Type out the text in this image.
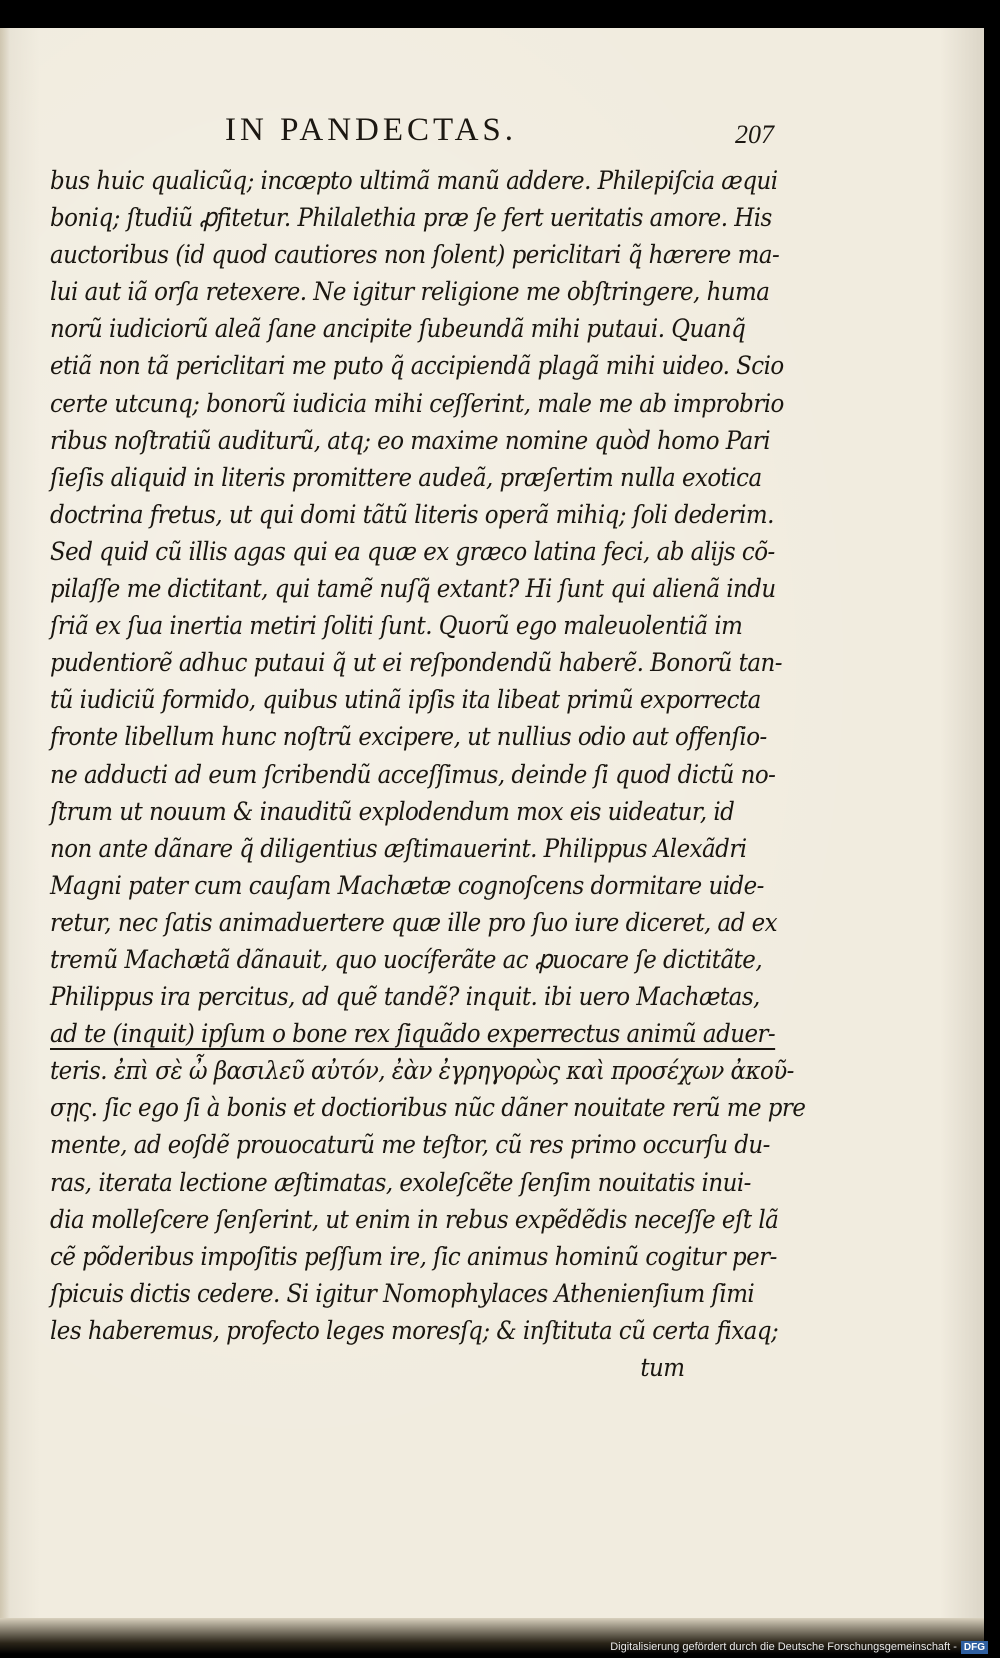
IN PANDECTAS.	207
bus huic qualicũq; incœpto ultimã manũ addere. Philepiſcia æqui
boniq; ſtudiũ ꝓfitetur. Philalethia præ ſe fert ueritatis amore. His
auctoribus (id quod cautiores non ſolent) periclitari q̃ hærere ma-
lui aut iã orſa retexere. Ne igitur religione me obſtringere, huma
norũ iudiciorũ aleã ſane ancipite ſubeundã mihi putaui. Quanq̃
etiã non tã periclitari me puto q̃ accipiendã plagã mihi uideo. Scio
certe utcunq; bonorũ iudicia mihi ceſſerint, male me ab improbrio
ribus noſtratiũ auditurũ, atq; eo maxime nomine quòd homo Pari
ſieſis aliquid in literis promittere audeã, præſertim nulla exotica
doctrina fretus, ut qui domi tãtũ literis operã mihiq; ſoli dederim.
Sed quid cũ illis agas qui ea quæ ex græco latina feci, ab alijs cõ-
pilaſſe me dictitant, qui tamẽ nuſq̃ extant? Hi ſunt qui alienã indu
ſriã ex ſua inertia metiri ſoliti ſunt. Quorũ ego maleuolentiã im
pudentiorẽ adhuc putaui q̃ ut ei reſpondendũ haberẽ. Bonorũ tan-
tũ iudiciũ formido, quibus utinã ipſis ita libeat primũ exporrecta
fronte libellum hunc noſtrũ excipere, ut nullius odio aut offenſio-
ne adducti ad eum ſcribendũ acceſſimus, deinde ſi quod dictũ no-
ſtrum ut nouum & inauditũ explodendum mox eis uideatur, id
non ante dãnare q̃ diligentius æſtimauerint. Philippus Alexãdri
Magni pater cum cauſam Machætæ cognoſcens dormitare uide-
retur, nec ſatis animaduertere quæ ille pro ſuo iure diceret, ad ex
tremũ Machætã dãnauit, quo uocíferãte ac ꝓuocare ſe dictitãte,
Philippus ira percitus, ad quẽ tandẽ? inquit. ibi uero Machætas,
ad te (inquit) ipſum o bone rex ſiquãdo experrectus animũ aduer-
teris. ἐπὶ σὲ ὦ βασιλεῦ αὐτόν, ἐὰν ἐγρηγορὼς καὶ προσέχων ἀκοῦ-
σῃς. ſic ego ſi à bonis et doctioribus nũc dãner nouitate rerũ me pre
mente, ad eoſdẽ prouocaturũ me teſtor, cũ res primo occurſu du-
ras, iterata lectione æſtimatas, exoleſcẽte ſenſim nouitatis inui-
dia molleſcere ſenſerint, ut enim in rebus expẽdẽdis neceſſe eſt lã
cẽ põderibus impoſitis peſſum ire, ſic animus hominũ cogitur per-
ſpicuis dictis cedere. Si igitur Nomophylaces Athenienſium ſimi
les haberemus, profecto leges moresſq; & inſtituta cũ certa fixaq;
tum
Digitalisierung gefördert durch die Deutsche Forschungsgemeinschaft - DFG
